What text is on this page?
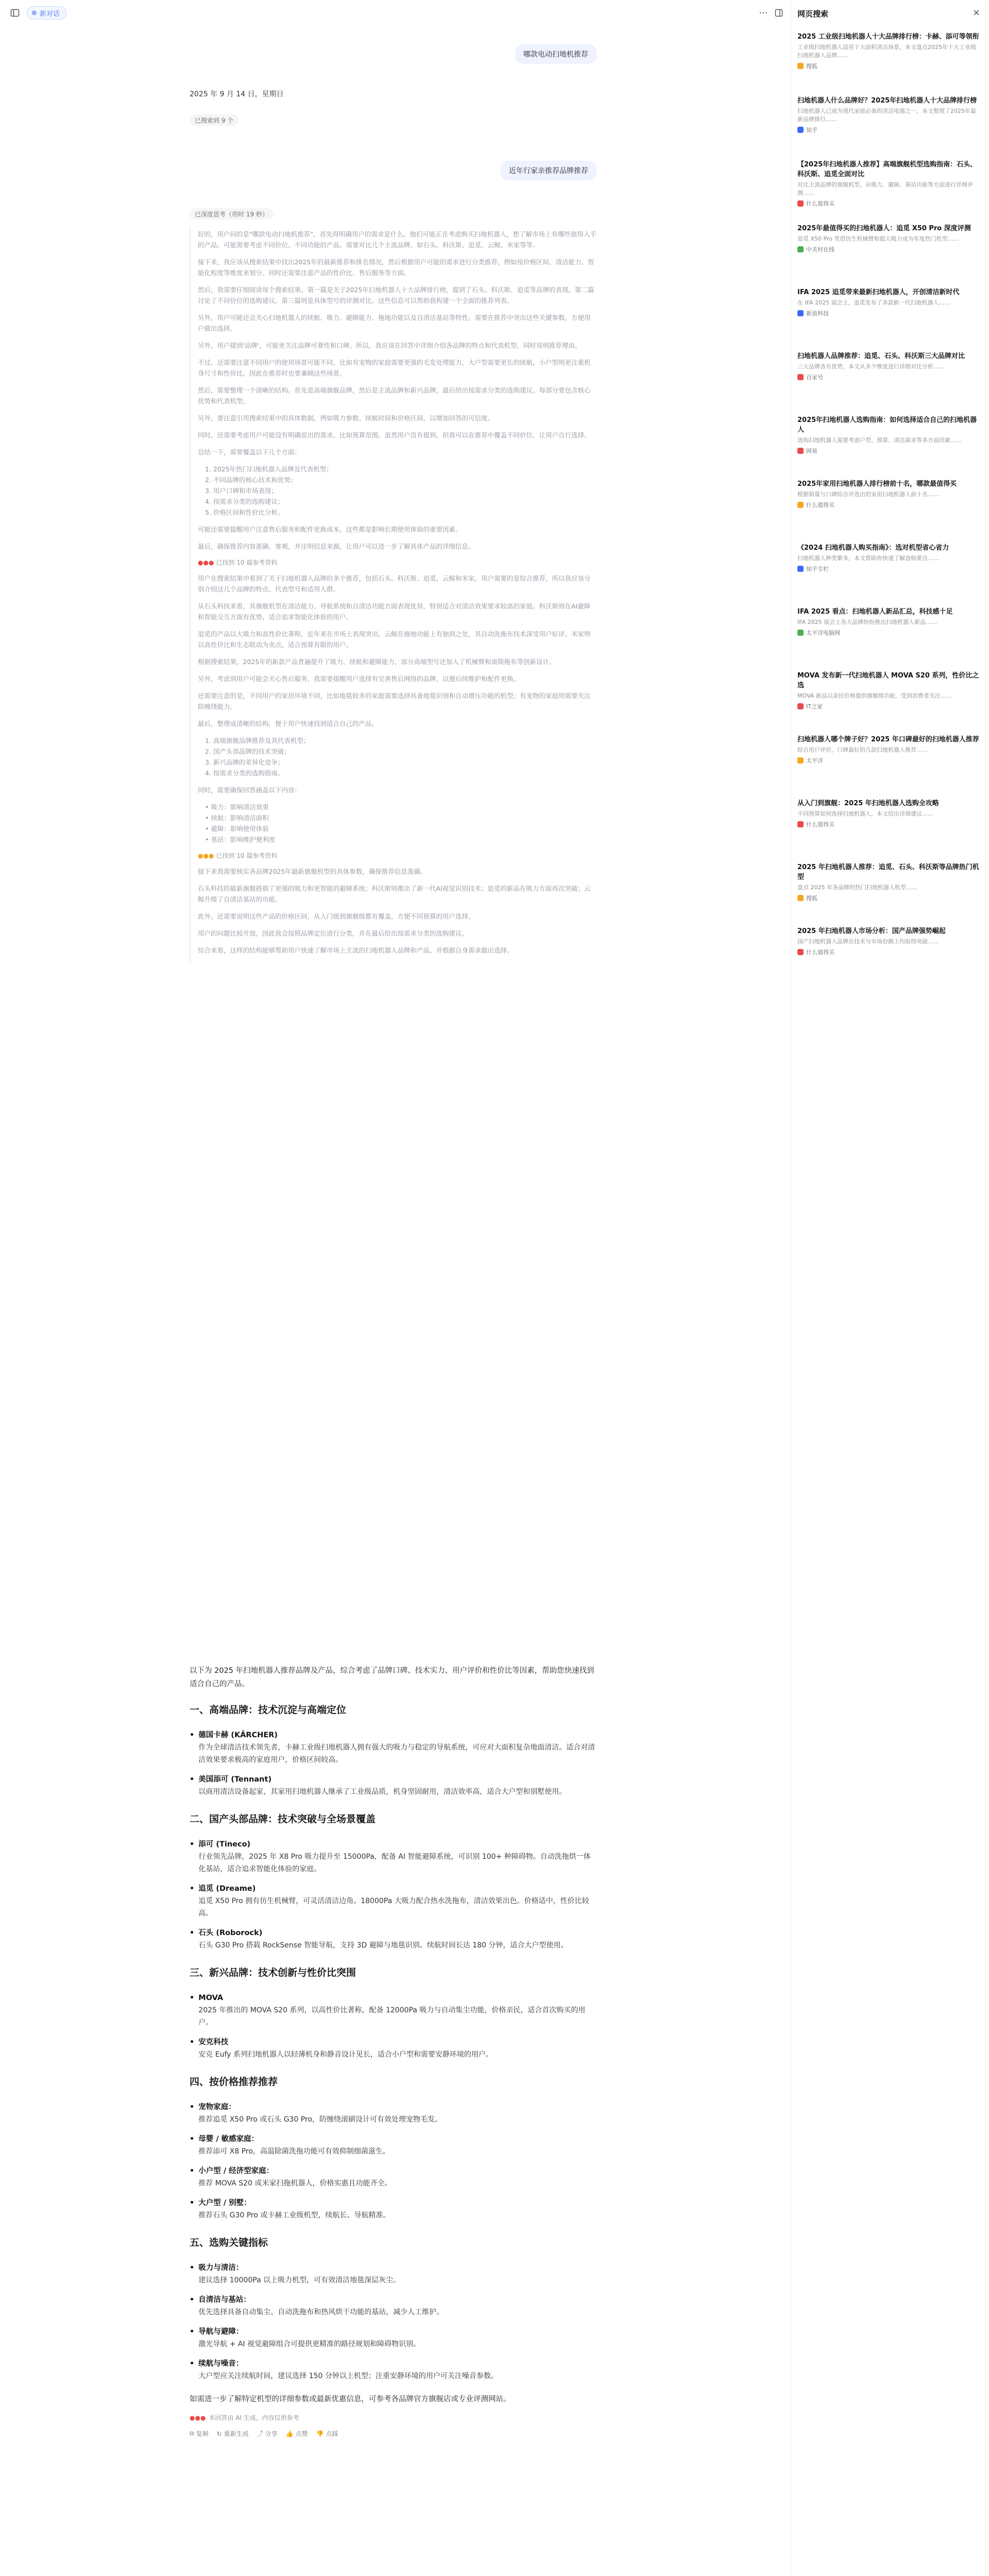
⊕ 新对话	···
哪款电动扫地机推荐
2025 年 9 月 14 日，星期日
已搜索到 9 个
近年行家亲推荐品牌推荐
已深度思考（用时 19 秒）

好的，用户问的是"哪款电动扫地机推荐"。首先得明确用户的需求是什么。他们可能正在考虑购买扫地机器人，想了解市场上有哪些值得入手的产品。可能需要考虑不同价位、不同功能的产品。需要对比几个主流品牌，如石头、科沃斯、追觅、云鲸、米家等等。

接下来，我应该从搜索结果中找出2025年的最新推荐和排名情况，然后根据用户可能的需求进行分类推荐，例如按价格区间、清洁能力、智能化程度等维度来划分。同时还需要注意产品的性价比、售后服务等方面。

然后，我需要仔细阅读每个搜索结果。第一篇是关于2025年扫地机器人十大品牌排行榜，提到了石头、科沃斯、追觅等品牌的表现。第二篇讨论了不同价位的选购建议。第三篇则是具体型号的评测对比。这些信息可以帮助我构建一个全面的推荐列表。

另外，用户可能还会关心扫地机器人的续航、吸力、避障能力、拖地功能以及自清洁基站等特性。需要在推荐中突出这些关键参数，方便用户做出选择。

另外，用户提到'品牌'，可能更关注品牌可靠性和口碑。所以，我应该在回答中详细介绍各品牌的特点和代表机型，同时说明推荐理由。

不过，还需要注意不同用户的使用场景可能不同，比如有宠物的家庭需要更强的毛发处理能力，大户型需要更长的续航，小户型则更注重机身尺寸和性价比。因此在推荐时也要兼顾这些场景。

然后，需要整理一个清晰的结构。首先是高端旗舰品牌，然后是主流品牌和新兴品牌，最后给出按需求分类的选购建议。每部分要包含核心优势和代表机型。

另外，要注意引用搜索结果中的具体数据，例如吸力参数、续航时间和价格区间，以增加回答的可信度。

同时，还需要考虑用户可能没有明确说出的需求，比如预算范围。虽然用户没有提到，但我可以在推荐中覆盖不同价位，让用户自行选择。

总结一下，需要覆盖以下几个方面：

1. 2025年热门扫地机器人品牌及代表机型；
2. 不同品牌的核心技术和优势；
3. 用户口碑和市场表现；
4. 按需求分类的选购建议；
5. 价格区间和性价比分析。

可能还需要提醒用户注意售后服务和配件更换成本，这些都是影响长期使用体验的重要因素。

最后，确保推荐内容准确、客观，并注明信息来源，让用户可以进一步了解具体产品的详细信息。

●●● 已找到 10 篇参考资料

用户在搜索结果中看到了关于扫地机器人品牌的多个推荐，包括石头、科沃斯、追觅、云鲸和米家。用户需要的是综合推荐，所以我应该分别介绍这几个品牌的特点、代表型号和适用人群。

从石头科技来看，其旗舰机型在清洁能力、导航系统和自清洁功能方面表现优异，特别适合对清洁效果要求较高的家庭。科沃斯则在AI避障和智能交互方面有优势，适合追求智能化体验的用户。

追觅的产品以大吸力和高性价比著称，近年来在市场上表现突出。云鲸在拖地功能上有独到之处，其自动洗拖布技术深受用户好评。米家则以高性价比和生态联动为卖点，适合预算有限的用户。

根据搜索结果，2025年的新款产品普遍提升了吸力、续航和避障能力，部分高端型号还加入了机械臂和滚筒拖布等创新设计。

另外，考虑到用户可能会关心售后服务，我需要提醒用户选择有完善售后网络的品牌，以便后续维护和配件更换。

还需要注意的是，不同用户的家居环境不同，比如地毯较多的家庭需要选择具备地毯识别和自动增压功能的机型；有宠物的家庭则需要关注防缠绕能力。

最后，整理成清晰的结构，便于用户快速找到适合自己的产品。

1. 高端旗舰品牌推荐及其代表机型；
2. 国产头部品牌的技术突破；
3. 新兴品牌的差异化竞争；
4. 按需求分类的选购指南。

同时，需要确保回答涵盖以下内容：

• 吸力：影响清洁效果
• 续航：影响清洁面积
• 避障：影响使用体验
• 基站：影响维护便利度
●●● 已找到 10 篇参考资料

接下来我需要核实各品牌2025年最新旗舰机型的具体参数，确保推荐信息准确。

石头科技的最新旗舰搭载了更强的吸力和更智能的避障系统；科沃斯则推出了新一代AI视觉识别技术；追觅的新品在吸力方面再次突破；云鲸升级了自清洁基站的功能。

此外，还需要说明这些产品的价格区间，从入门级到旗舰级都有覆盖，方便不同预算的用户选择。

用户的问题比较开放，因此我会按照品牌定位进行分类，并在最后给出按需求分类的选购建议。

综合来看，这样的结构能够帮助用户快速了解市场上主流的扫地机器人品牌和产品，并根据自身需求做出选择。

以下为 2025 年扫地机器人推荐品牌及产品，综合考虑了品牌口碑、技术实力、用户评价和性价比等因素，帮助您快速找到适合自己的产品。

一、高端品牌：技术沉淀与高端定位
• 德国卡赫 (KÄRCHER)
作为全球清洁技术领先者，卡赫工业级扫地机器人拥有强大的吸力与稳定的导航系统，可应对大面积复杂地面清洁。适合对清洁效果要求极高的家庭用户，价格区间较高。
• 美国添可 (Tennant)
以商用清洁设备起家，其家用扫地机器人继承了工业级品质，机身坚固耐用，清洁效率高，适合大户型和别墅使用。
二、国产头部品牌：技术突破与全场景覆盖
• 添可 (Tineco)
行业领先品牌，2025 年 X8 Pro 吸力提升至 15000Pa，配备 AI 智能避障系统，可识别 100+ 种障碍物。自动洗拖烘一体化基站，适合追求智能化体验的家庭。
• 追觅 (Dreame)
追觅 X50 Pro 拥有仿生机械臂，可灵活清洁边角。18000Pa 大吸力配合热水洗拖布，清洁效果出色。价格适中，性价比较高。
• 石头 (Roborock)
石头 G30 Pro 搭载 RockSense 智能导航，支持 3D 避障与地毯识别。续航时间长达 180 分钟，适合大户型使用。
三、新兴品牌：技术创新与性价比突围
• MOVA
2025 年推出的 MOVA S20 系列，以高性价比著称，配备 12000Pa 吸力与自动集尘功能，价格亲民，适合首次购买的用户。
• 安克科技
安克 Eufy 系列扫地机器人以轻薄机身和静音设计见长，适合小户型和需要安静环境的用户。
四、按价格推荐推荐
• 宠物家庭：
推荐追觅 X50 Pro 或石头 G30 Pro，防缠绕滚刷设计可有效处理宠物毛发。
• 母婴 / 敏感家庭：
推荐添可 X8 Pro，高温除菌洗拖功能可有效抑制细菌滋生。
• 小户型 / 经济型家庭：
推荐 MOVA S20 或米家扫拖机器人，价格实惠且功能齐全。
• 大户型 / 别墅：
推荐石头 G30 Pro 或卡赫工业级机型，续航长、导航精准。
五、选购关键指标
• 吸力与清洁：
建议选择 10000Pa 以上吸力机型，可有效清洁地毯深层灰尘。
• 自清洁与基站：
优先选择具备自动集尘、自动洗拖布和热风烘干功能的基站，减少人工维护。
• 导航与避障：
激光导航 + AI 视觉避障组合可提供更精准的路径规划和障碍物识别。
• 续航与噪音：
大户型应关注续航时间，建议选择 150 分钟以上机型；注重安静环境的用户可关注噪音参数。

如需进一步了解特定机型的详细参数或最新优惠信息，可参考各品牌官方旗舰店或专业评测网站。

●●● 本回答由 AI 生成，内容仅供参考
⧉ 复制 ↻ 重新生成 ⤴ 分享 👍 点赞 👎 点踩
网页搜索	×
2025 工业级扫地机器人十大品牌排行榜：卡赫、添可等领衔
工业级扫地机器人适用于大面积清洁场景，本文盘点2025年十大工业级扫地机器人品牌……
搜狐
扫地机器人什么品牌好？2025年扫地机器人十大品牌排行榜
扫地机器人已成为现代家庭必备的清洁电器之一，本文整理了2025年最新品牌排行……
知乎
【2025年扫地机器人推荐】高端旗舰机型选购指南：石头、科沃斯、追觅全面对比
对比主流品牌的旗舰机型，从吸力、避障、基站功能等方面进行详细评测……
什么值得买
2025年最值得买的扫地机器人：追觅 X50 Pro 深度评测
追觅 X50 Pro 凭借仿生机械臂和超大吸力成为年度热门机型……
中关村在线
IFA 2025 追觅带来最新扫地机器人，开创清洁新时代
在 IFA 2025 展会上，追觅发布了多款新一代扫地机器人……
新浪科技
扫地机器人品牌推荐：追觅、石头、科沃斯三大品牌对比
三大品牌各有优势，本文从多个维度进行详细对比分析……
百家号
2025年扫地机器人选购指南：如何选择适合自己的扫地机器人
选购扫地机器人需要考虑户型、预算、清洁需求等多方面因素……
网易
2025年家用扫地机器人排行榜前十名，哪款最值得买
根据销量与口碑综合评选出的家用扫地机器人前十名……
什么值得买
《2024 扫地机器人购买指南》：选对机型省心省力
扫地机器人种类繁多，本文帮助你快速了解选购要点……
知乎专栏
IFA 2025 看点：扫地机器人新品汇总，科技感十足
IFA 2025 展会上各大品牌纷纷推出扫地机器人新品……
太平洋电脑网
MOVA 发布新一代扫地机器人 MOVA S20 系列，性价比之选
MOVA 新品以亲民价格提供旗舰级功能，受到消费者关注……
IT之家
扫地机器人哪个牌子好？2025 年口碑最好的扫地机器人推荐
综合用户评价，口碑最好的几款扫地机器人推荐……
太平洋
从入门到旗舰：2025 年扫地机器人选购全攻略
不同预算如何选择扫地机器人，本文给出详细建议……
什么值得买
2025 年扫地机器人推荐：追觅、石头、科沃斯等品牌热门机型
盘点 2025 年各品牌的热门扫地机器人机型……
搜狐
2025 年扫地机器人市场分析：国产品牌强势崛起
国产扫地机器人品牌在技术与市场份额上均取得突破……
什么值得买
